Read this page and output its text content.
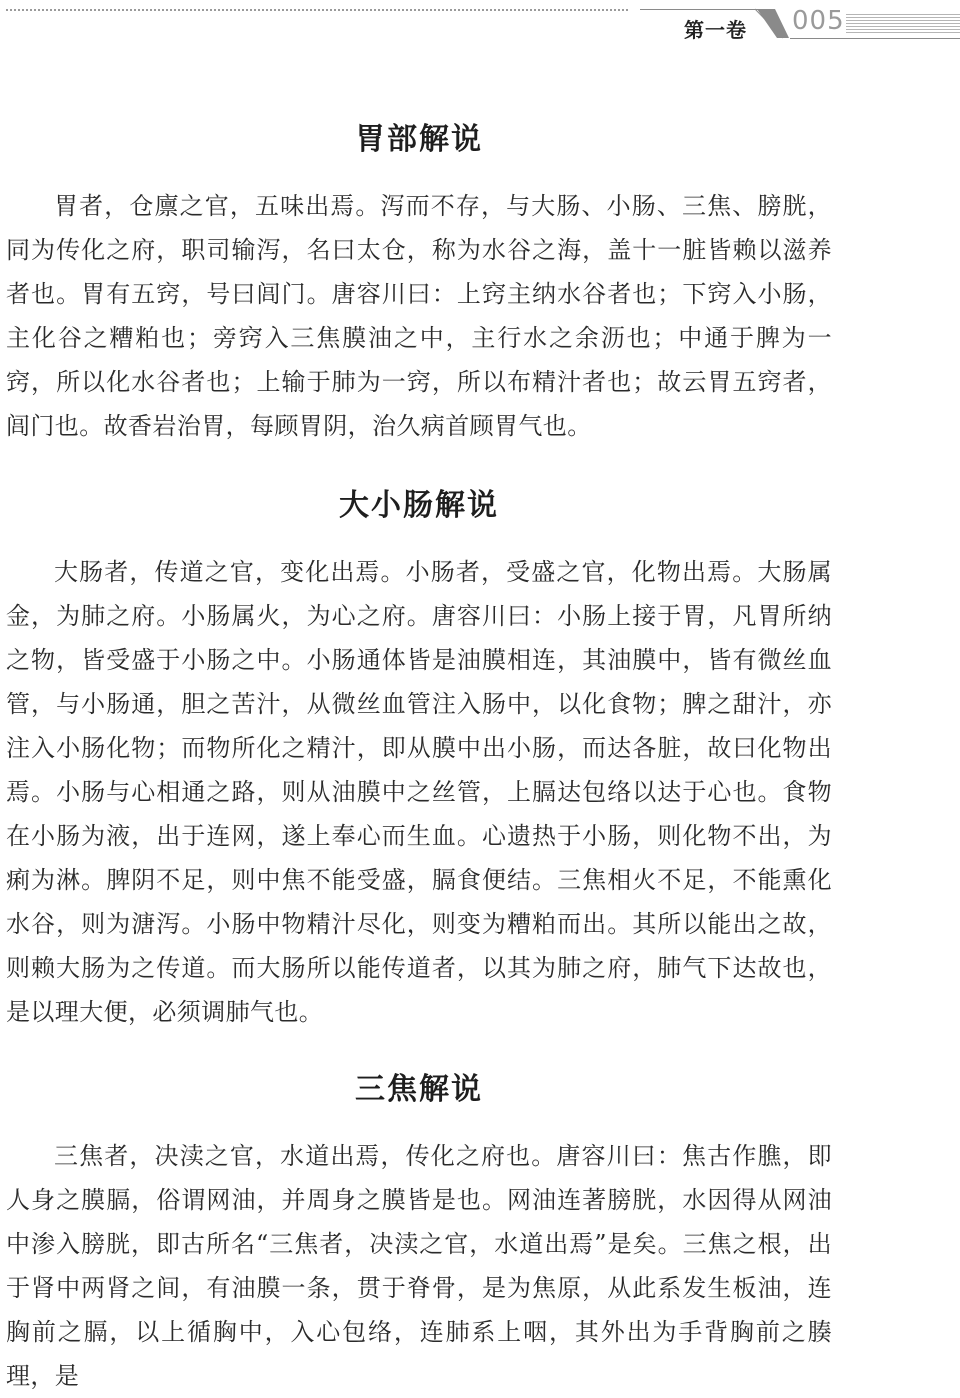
第一卷 005
胃部解说

胃者，仓廪之官，五味出焉。泻而不存，与大肠、小肠、三焦、膀胱，同为传化之府，职司输泻，名曰太仓，称为水谷之海，盖十一脏皆赖以滋养者也。胃有五窍，号曰闾门。唐容川曰：上窍主纳水谷者也；下窍入小肠，主化谷之糟粕也；旁窍入三焦膜油之中，主行水之余沥也；中通于脾为一窍，所以化水谷者也；上输于肺为一窍，所以布精汁者也；故云胃五窍者，闾门也。故香岩治胃，每顾胃阴，治久病首顾胃气也。

大小肠解说

大肠者，传道之官，变化出焉。小肠者，受盛之官，化物出焉。大肠属金，为肺之府。小肠属火，为心之府。唐容川曰：小肠上接于胃，凡胃所纳之物，皆受盛于小肠之中。小肠通体皆是油膜相连，其油膜中，皆有微丝血管，与小肠通，胆之苦汁，从微丝血管注入肠中，以化食物；脾之甜汁，亦注入小肠化物；而物所化之精汁，即从膜中出小肠，而达各脏，故曰化物出焉。小肠与心相通之路，则从油膜中之丝管，上膈达包络以达于心也。食物在小肠为液，出于连网，遂上奉心而生血。心遗热于小肠，则化物不出，为痢为淋。脾阴不足，则中焦不能受盛，膈食便结。三焦相火不足，不能熏化水谷，则为溏泻。小肠中物精汁尽化，则变为糟粕而出。其所以能出之故，则赖大肠为之传道。而大肠所以能传道者，以其为肺之府，肺气下达故也，是以理大便，必须调肺气也。

三焦解说

三焦者，决渎之官，水道出焉，传化之府也。唐容川曰：焦古作膲，即人身之膜膈，俗谓网油，并周身之膜皆是也。网油连著膀胱，水因得从网油中渗入膀胱，即古所名“三焦者，决渎之官，水道出焉”是矣。三焦之根，出于肾中两肾之间，有油膜一条，贯于脊骨，是为焦原，从此系发生板油，连胸前之膈，以上循胸中，入心包络，连肺系上咽，其外出为手背胸前之腠理，是
